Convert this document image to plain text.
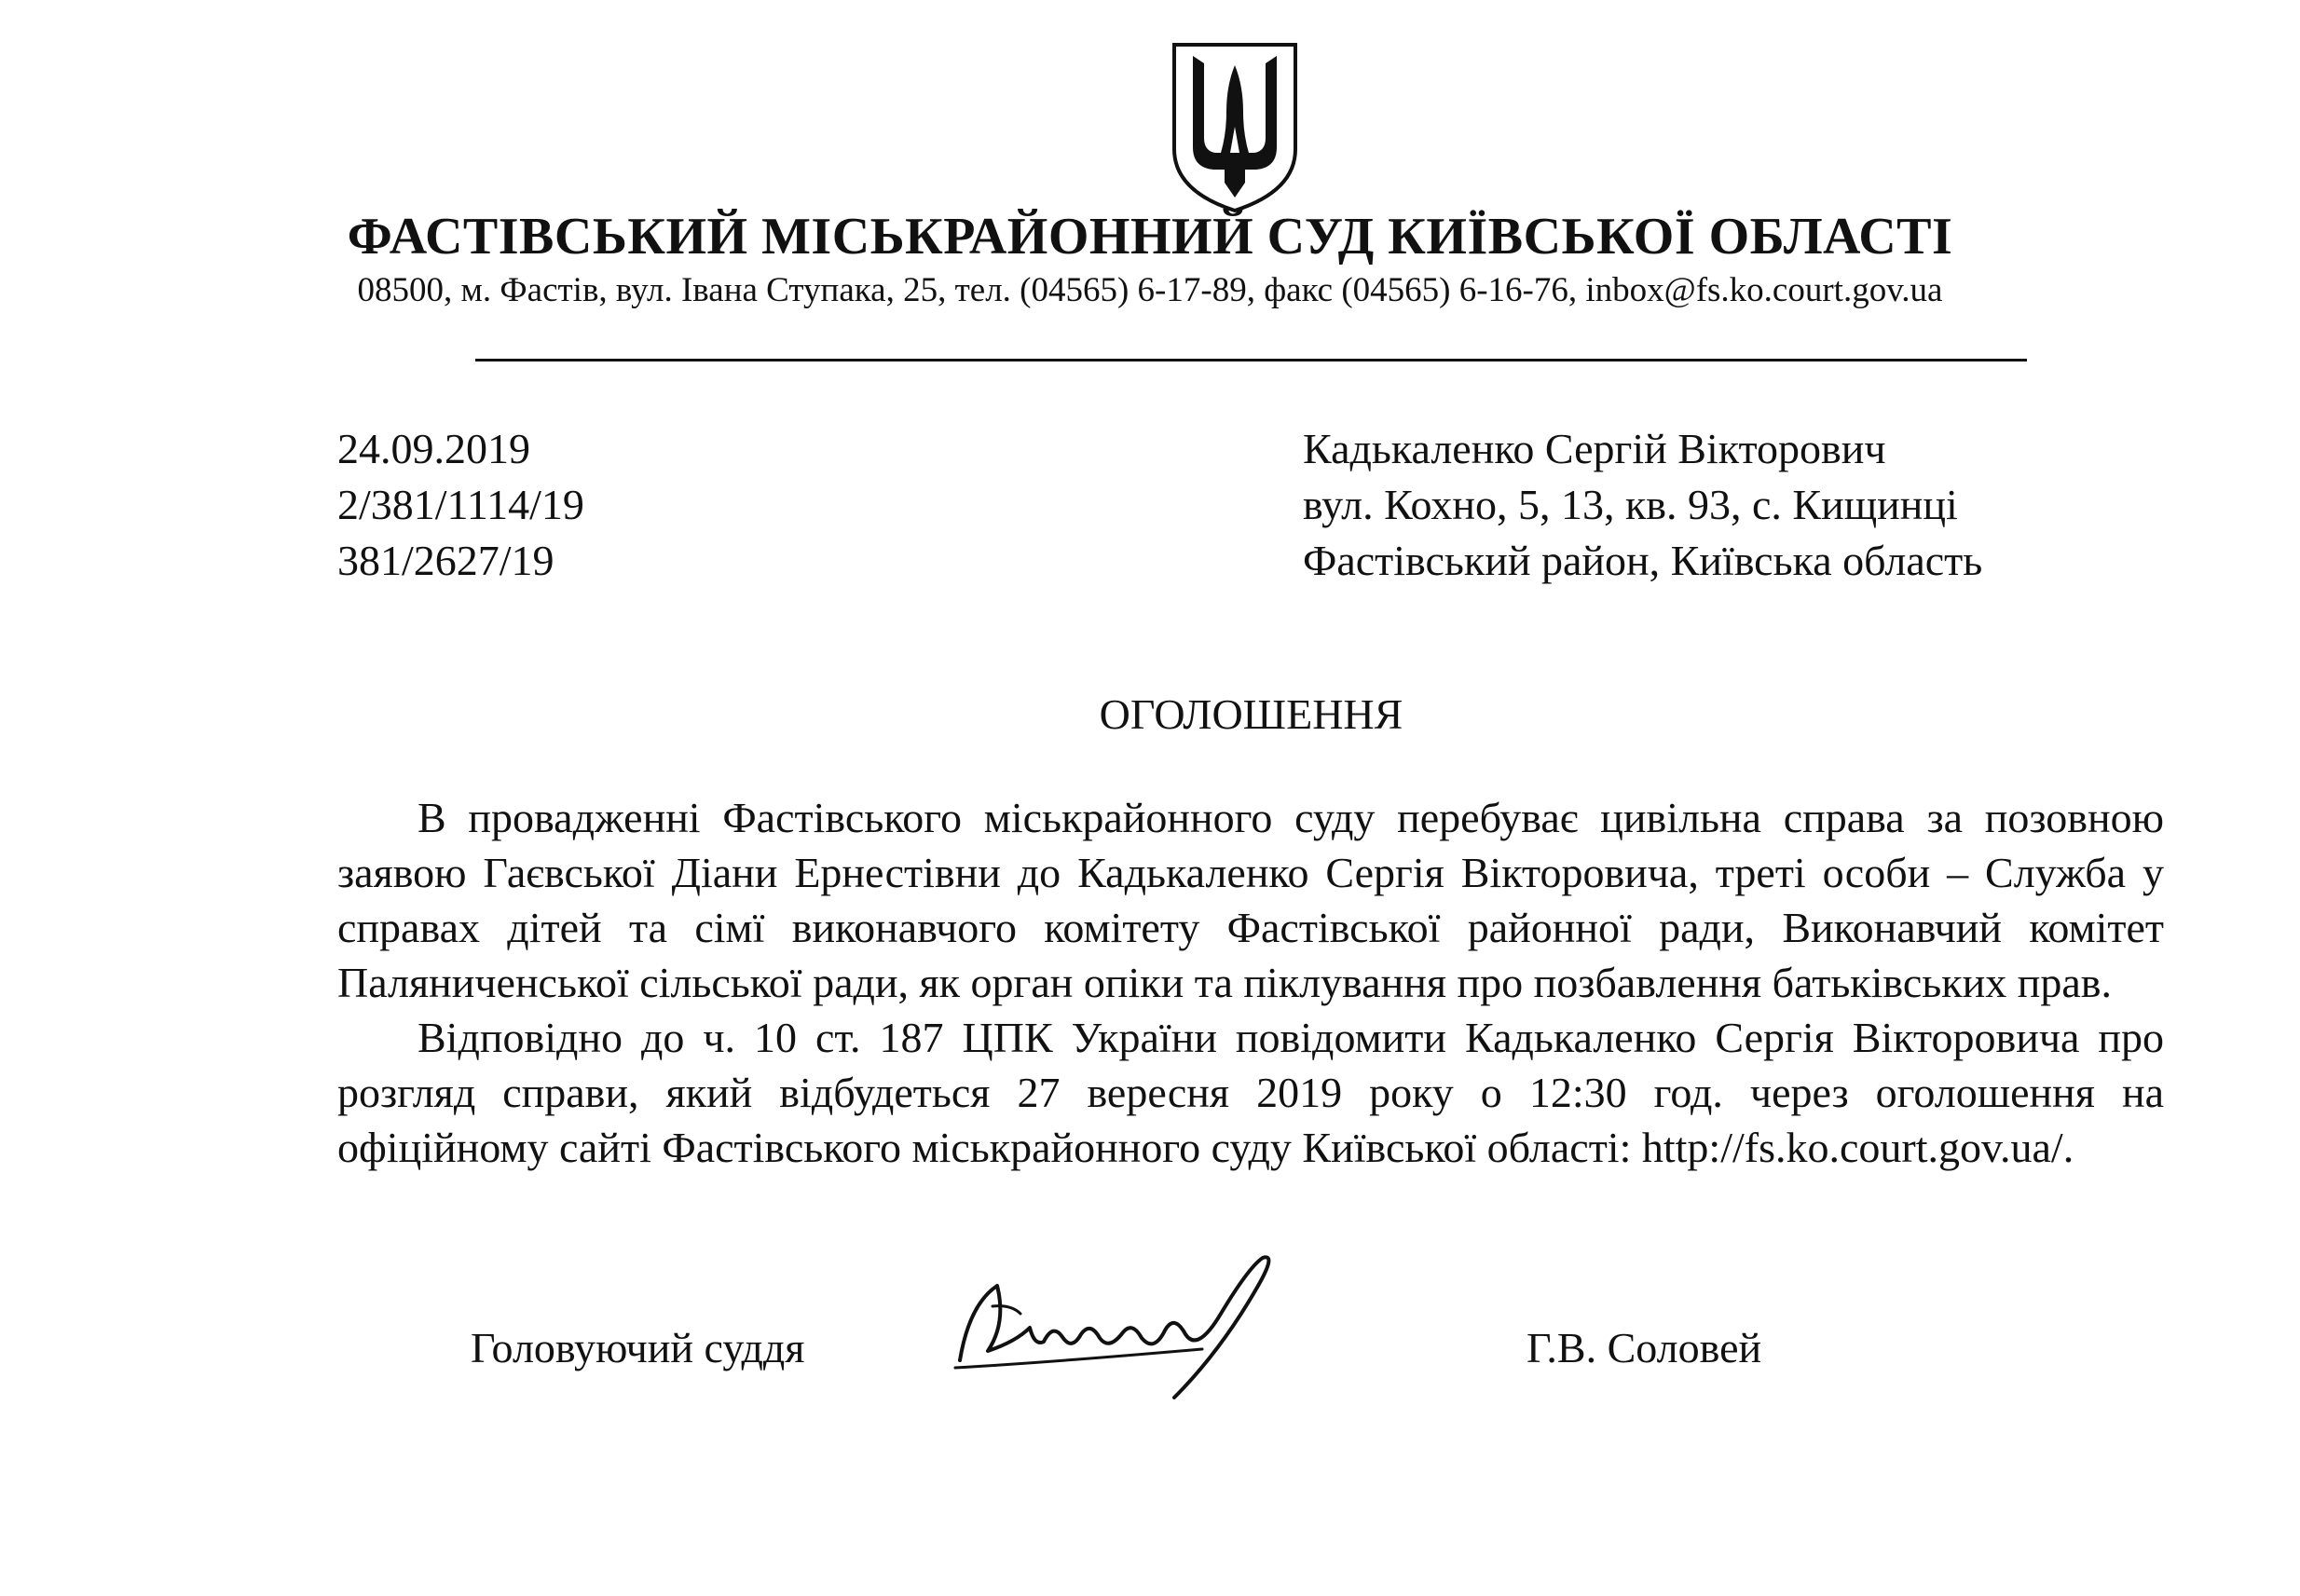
ФАСТІВСЬКИЙ МІСЬКРАЙОННИЙ СУД КИЇВСЬКОЇ ОБЛАСТІ
08500, м. Фастів, вул. Івана Ступака, 25, тел. (04565) 6-17-89, факс (04565) 6-16-76, inbox@fs.ko.court.gov.ua
24.09.2019
2/381/1114/19
381/2627/19
Кадькаленко Сергій Вікторович
вул. Кохно, 5, 13, кв. 93, с. Кищинці
Фастівський район, Київська область
ОГОЛОШЕННЯ

В провадженні Фастівського міськрайонного суду перебуває цивільна справа за позовною заявою Гаєвської Діани Ернестівни до Кадькаленко Сергія Вікторовича, треті особи – Служба у справах дітей та сімї виконавчого комітету Фастівської районної ради, Виконавчий комітет Паляниченської сільської ради, як орган опіки та піклування про позбавлення батьківських прав.

Відповідно до ч. 10 ст. 187 ЦПК України повідомити Кадькаленко Сергія Вікторовича про розгляд справи, який відбудеться 27 вересня 2019 року о 12:30 год. через оголошення на офіційному сайті Фастівського міськрайонного суду Київської області: http://fs.ko.court.gov.ua/.

Головуючий суддя	Г.В. Соловей
